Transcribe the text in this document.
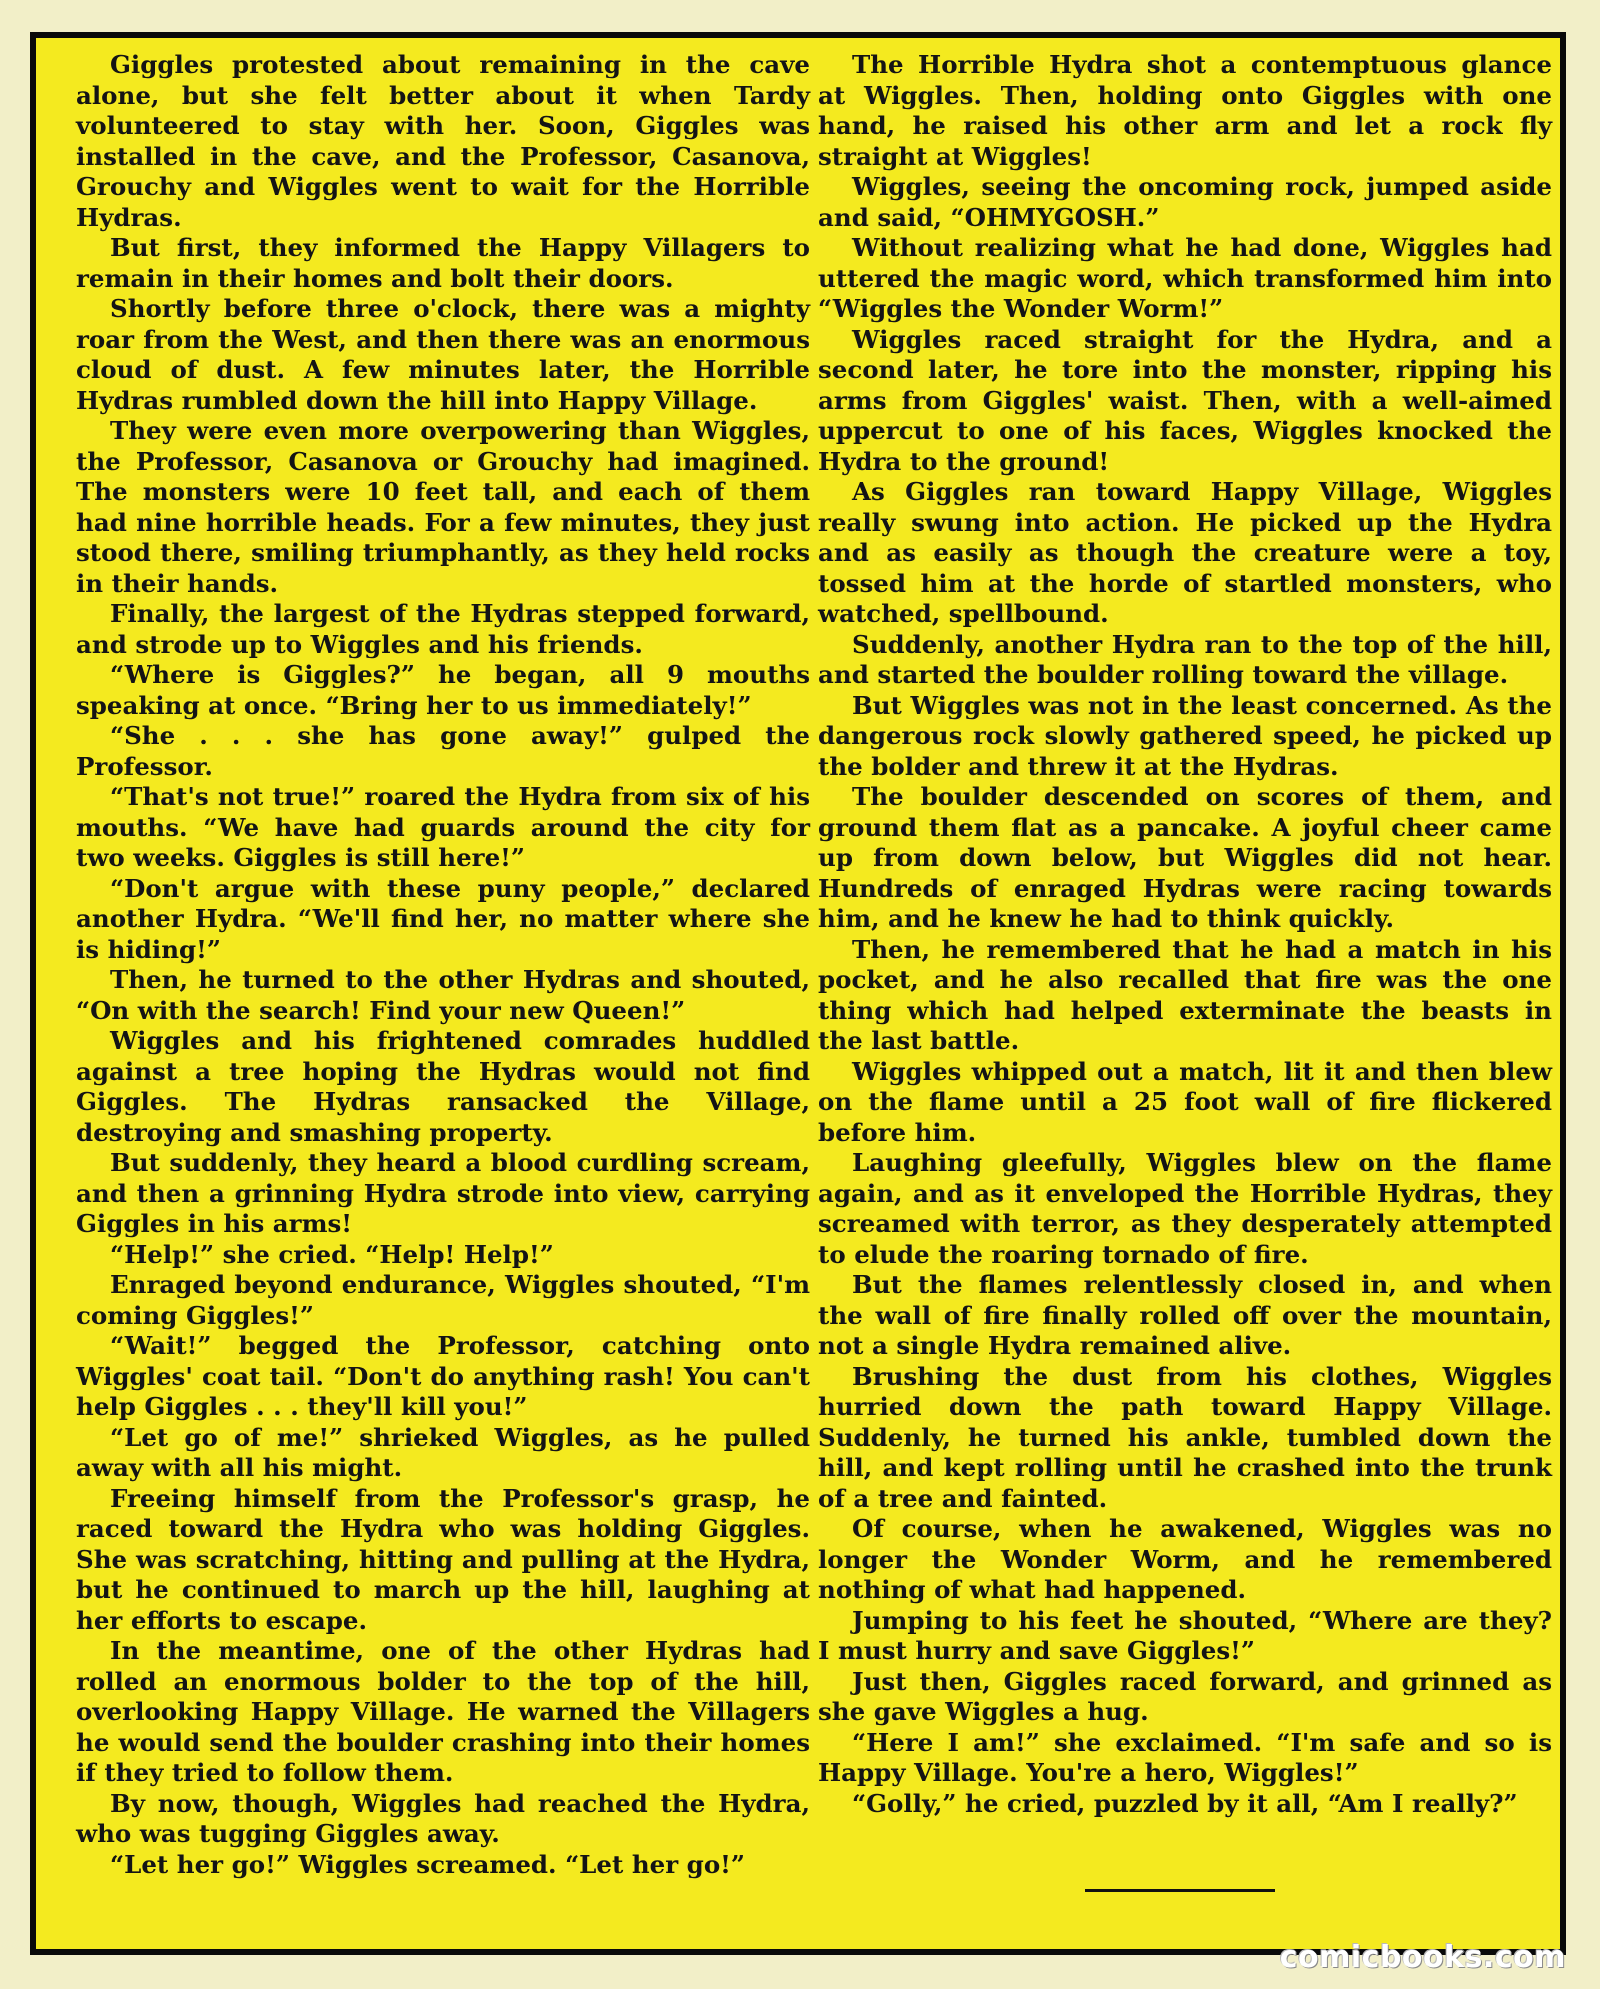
Giggles protested about remaining in the cave alone, but she felt better about it when Tardy volunteered to stay with her. Soon, Giggles was installed in the cave, and the Professor, Casanova, Grouchy and Wiggles went to wait for the Horrible Hydras.

But first, they informed the Happy Villagers to remain in their homes and bolt their doors.

Shortly before three o'clock, there was a mighty roar from the West, and then there was an enormous cloud of dust. A few minutes later, the Horrible Hydras rumbled down the hill into Happy Village.

They were even more overpowering than Wiggles, the Professor, Casanova or Grouchy had imagined. The monsters were 10 feet tall, and each of them had nine horrible heads. For a few minutes, they just stood there, smiling triumphantly, as they held rocks in their hands.

Finally, the largest of the Hydras stepped forward, and strode up to Wiggles and his friends.

“Where is Giggles?” he began, all 9 mouths speaking at once. “Bring her to us immediately!”

“She . . . she has gone away!” gulped the Professor.

“That's not true!” roared the Hydra from six of his mouths. “We have had guards around the city for two weeks. Giggles is still here!”

“Don't argue with these puny people,” declared another Hydra. “We'll find her, no matter where she is hiding!”

Then, he turned to the other Hydras and shouted, “On with the search! Find your new Queen!”

Wiggles and his frightened comrades huddled against a tree hoping the Hydras would not find Giggles. The Hydras ransacked the Village, destroying and smashing property.

But suddenly, they heard a blood curdling scream, and then a grinning Hydra strode into view, carrying Giggles in his arms!

“Help!” she cried. “Help! Help!”

Enraged beyond endurance, Wiggles shouted, “I'm coming Giggles!”

“Wait!” begged the Professor, catching onto Wiggles' coat tail. “Don't do anything rash! You can't help Giggles . . . they'll kill you!”

“Let go of me!” shrieked Wiggles, as he pulled away with all his might.

Freeing himself from the Professor's grasp, he raced toward the Hydra who was holding Giggles. She was scratching, hitting and pulling at the Hydra, but he continued to march up the hill, laughing at her efforts to escape.

In the meantime, one of the other Hydras had rolled an enormous bolder to the top of the hill, overlooking Happy Village. He warned the Villagers he would send the boulder crashing into their homes if they tried to follow them.

By now, though, Wiggles had reached the Hydra, who was tugging Giggles away.

“Let her go!” Wiggles screamed. “Let her go!”

The Horrible Hydra shot a contemptuous glance at Wiggles. Then, holding onto Giggles with one hand, he raised his other arm and let a rock fly straight at Wiggles!

Wiggles, seeing the oncoming rock, jumped aside and said, “OHMYGOSH.”

Without realizing what he had done, Wiggles had uttered the magic word, which transformed him into “Wiggles the Wonder Worm!”

Wiggles raced straight for the Hydra, and a second later, he tore into the monster, ripping his arms from Giggles' waist. Then, with a well-aimed uppercut to one of his faces, Wiggles knocked the Hydra to the ground!

As Giggles ran toward Happy Village, Wiggles really swung into action. He picked up the Hydra and as easily as though the creature were a toy, tossed him at the horde of startled monsters, who watched, spellbound.

Suddenly, another Hydra ran to the top of the hill, and started the boulder rolling toward the village.

But Wiggles was not in the least concerned. As the dangerous rock slowly gathered speed, he picked up the bolder and threw it at the Hydras.

The boulder descended on scores of them, and ground them flat as a pancake. A joyful cheer came up from down below, but Wiggles did not hear. Hundreds of enraged Hydras were racing towards him, and he knew he had to think quickly.

Then, he remembered that he had a match in his pocket, and he also recalled that fire was the one thing which had helped exterminate the beasts in the last battle.

Wiggles whipped out a match, lit it and then blew on the flame until a 25 foot wall of fire flickered before him.

Laughing gleefully, Wiggles blew on the flame again, and as it enveloped the Horrible Hydras, they screamed with terror, as they desperately attempted to elude the roaring tornado of fire.

But the flames relentlessly closed in, and when the wall of fire finally rolled off over the mountain, not a single Hydra remained alive.

Brushing the dust from his clothes, Wiggles hurried down the path toward Happy Village. Suddenly, he turned his ankle, tumbled down the hill, and kept rolling until he crashed into the trunk of a tree and fainted.

Of course, when he awakened, Wiggles was no longer the Wonder Worm, and he remembered nothing of what had happened.

Jumping to his feet he shouted, “Where are they? I must hurry and save Giggles!”

Just then, Giggles raced forward, and grinned as she gave Wiggles a hug.

“Here I am!” she exclaimed. “I'm safe and so is Happy Village. You're a hero, Wiggles!”

“Golly,” he cried, puzzled by it all, “Am I really?”

comicbooks.com
